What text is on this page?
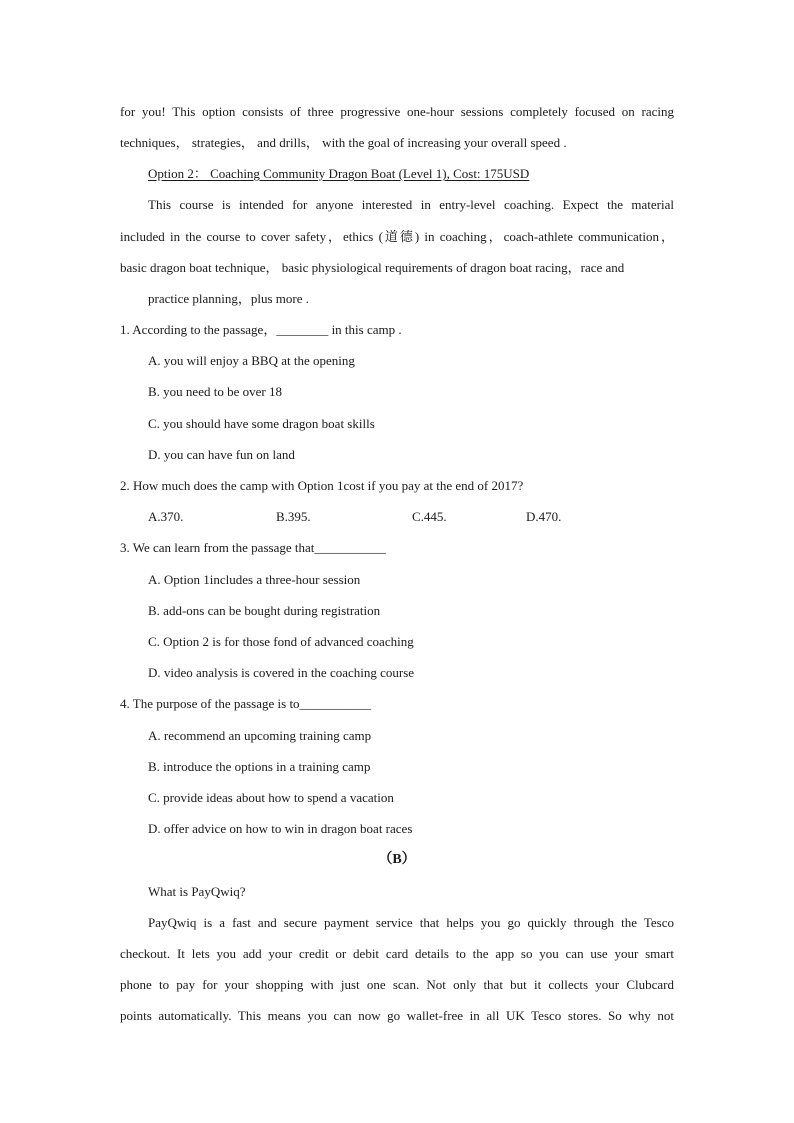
for you! This option consists of three progressive one-hour sessions completely focused on racing
techniques， strategies， and drills， with the goal of increasing your overall speed .
Option 2： Coaching Community Dragon Boat (Level 1), Cost: 175USD
This course is intended for anyone interested in entry-level coaching. Expect the material
included in the course to cover safety，ethics (道德) in coaching，coach-athlete communication，
basic dragon boat technique， basic physiological requirements of dragon boat racing，race and
practice planning，plus more .
1. According to the passage，________ in this camp .
A. you will enjoy a BBQ at the opening
B. you need to be over 18
C. you should have some dragon boat skills
D. you can have fun on land
2. How much does the camp with Option 1cost if you pay at the end of 2017?
A.370.	B.395.	C.445.	D.470.
3. We can learn from the passage that___________
A. Option 1includes a three-hour session
B. add-ons can be bought during registration
C. Option 2 is for those fond of advanced coaching
D. video analysis is covered in the coaching course
4. The purpose of the passage is to___________
A. recommend an upcoming training camp
B. introduce the options in a training camp
C. provide ideas about how to spend a vacation
D. offer advice on how to win in dragon boat races
（B）
What is PayQwiq?
PayQwiq is a fast and secure payment service that helps you go quickly through the Tesco
checkout. It lets you add your credit or debit card details to the app so you can use your smart
phone to pay for your shopping with just one scan. Not only that but it collects your Clubcard
points automatically. This means you can now go wallet-free in all UK Tesco stores. So why not
